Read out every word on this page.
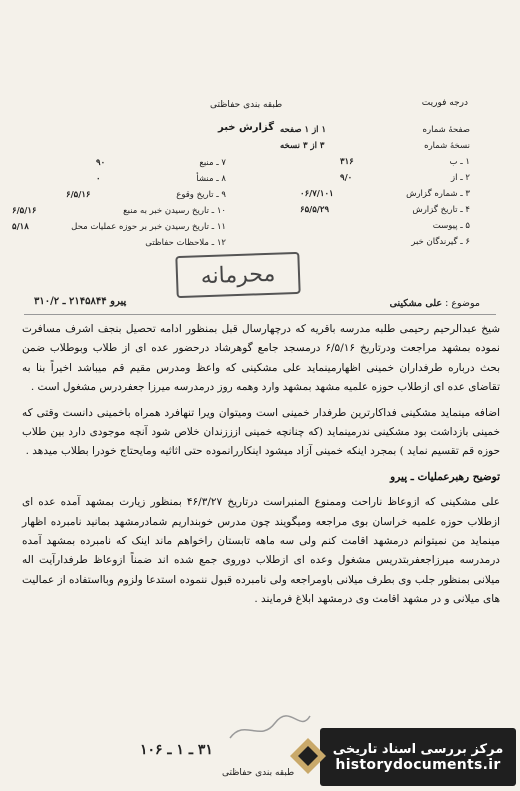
درجه فوریت
طبقه بندی حفاظتی
گزارش خبر
۷ ـ منبع
۹۰
۸ ـ منشأ
۰
۹ ـ تاریخ وقوع
۶/۵/۱۶
۱۰ ـ تاریخ رسیدن خبر به منبع
۶/۵/۱۶
۱۱ ـ تاریخ رسیدن خبر بر حوزه عملیات محل
۵/۱۸
۱۲ ـ ملاحظات حفاظتی
صفحهٔ شماره
۱ از ۱ صفحه
نسخهٔ شماره
۳ از ۳ نسخه
۱ ـ ب
۳۱۶
۲ ـ از
۹/۰
۳ ـ شماره گزارش
۰۶/۷/۱۰۱
۴ ـ تاریخ گزارش
۶۵/۵/۲۹
۵ ـ پیوست
۶ ـ گیرندگان خبر
محرمانه
موضوع : علی مشکینی
پیرو ۲۱۴۵۸۴۴ ـ ۳۱۰/۲

شیخ عبدالرحیم رحیمی طلبه مدرسه باقریه که درچهارسال قبل بمنظور ادامه تحصیل بنجف اشرف مسافرت نموده بمشهد مراجعت ودرتاریخ ۶/۵/۱۶ درمسجد جامع گوهرشاد درحضور عده ای از طلاب وبوطلاب ضمن بحث درباره طرفداران خمینی اظهارمینماید علی مشکینی که واعظ ومدرس مقیم قم میباشد اخیراً بنا به تقاضای عده ای ازطلاب حوزه علمیه مشهد بمشهد وارد وهمه روز درمدرسه میرزا جعفردرس مشغول است .

اضافه مینماید مشکینی فداکارترین طرفدار خمینی است ومیتوان ویرا تنهافرد همراه باخمینی دانست وقتی که خمینی بازداشت بود مشکینی ندرمینماید (که چنانچه خمینی ازززندان خلاص شود آنچه موجودی دارد بین طلاب حوزه قم تقسیم نماید ) بمجرد اینکه خمینی آزاد میشود اینکاررانموده حتی اثاثیه ومایحتاج خودرا بطلاب میدهد .

توضیح رهبرعملیات ـ پیرو

علی مشکینی که ازوعاظ ناراحت وممنوع المنبراست درتاریخ ۴۶/۳/۲۷ بمنظور زیارت بمشهد آمده عده ای ازطلاب حوزه علمیه خراسان بوی مراجعه ومیگویند چون مدرس خوبنداریم شمادرمشهد بمانید نامبرده اظهار مینماید من نمیتوانم درمشهد اقامت کنم ولی سه ماهه تابستان راخواهم ماند اینک که نامبرده بمشهد آمده درمدرسه میرزاجعفربتدریس مشغول وعده ای ازطلاب دوروی جمع شده اند ضمناً ازوعاظ طرفدارآیت اله میلانی بمنظور جلب وی بطرف میلانی باومراجعه ولی نامبرده قبول ننموده استدعا ولزوم وبااستفاده از عمالیت های میلانی و در مشهد اقامت وی درمشهد ابلاغ فرمایند .

۳۱ ـ ۱ ـ ۱۰۶
طبقه بندی حفاظتی
مرکز بررسی اسناد تاریخی
historydocuments.ir
